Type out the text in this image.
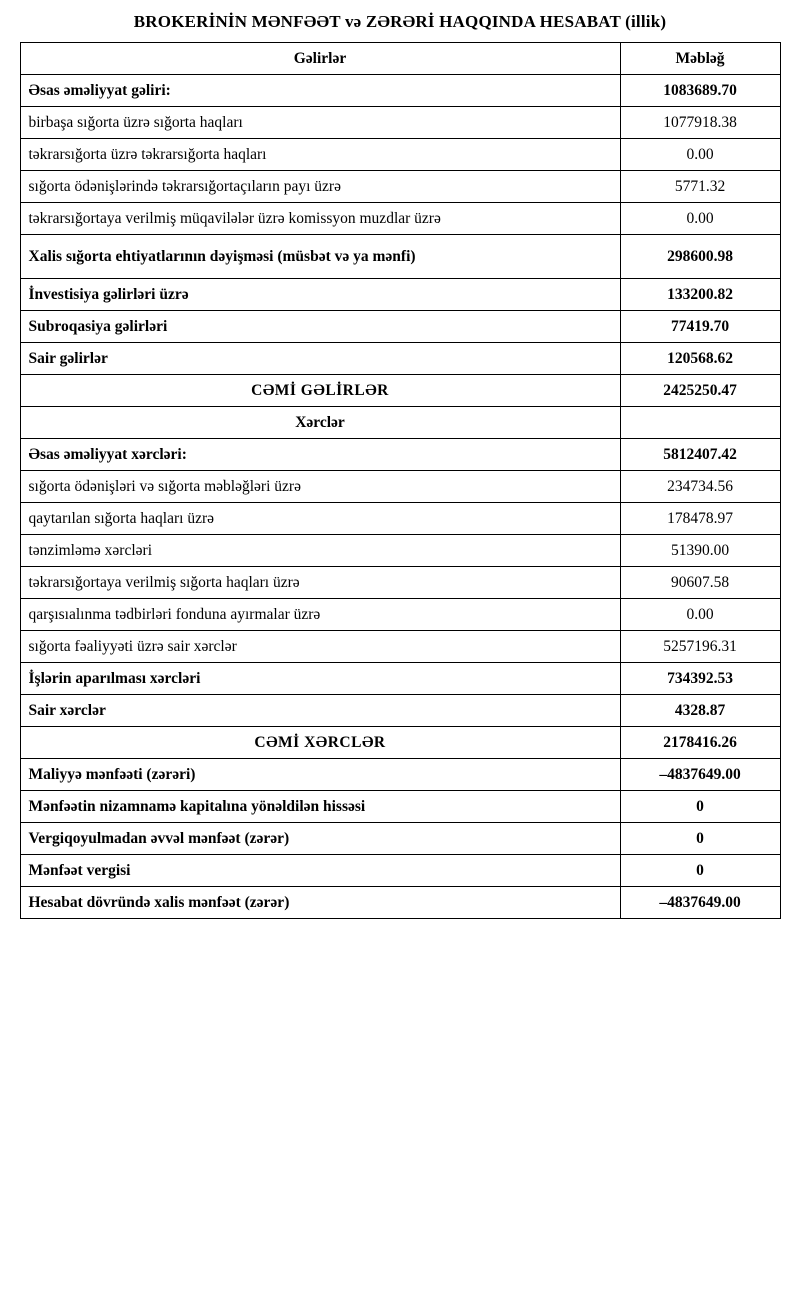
BROKERİNİN MƏNFƏƏT və ZƏRƏRİ HAQQINDA HESABAT (illik)
Gəlirlər	Məbləğ
Əsas əməliyyat gəliri:	1083689.70
birbaşa sığorta üzrə sığorta haqları	1077918.38
təkrarsığorta üzrə təkrarsığorta haqları	0.00
sığorta ödənişlərində təkrarsığortaçıların payı üzrə	5771.32
təkrarsığortaya verilmiş müqavilələr üzrə komissyon muzdlar üzrə	0.00
Xalis sığorta ehtiyatlarının dəyişməsi (müsbət və ya mənfi)	298600.98
İnvestisiya gəlirləri üzrə	133200.82
Subroqasiya gəlirləri	77419.70
Sair gəlirlər	120568.62
CƏMİ GƏLİRLƏR	2425250.47
Xərclər	
Əsas əməliyyat xərcləri:	5812407.42
sığorta ödənişləri və sığorta məbləğləri üzrə	234734.56
qaytarılan sığorta haqları üzrə	178478.97
tənzimləmə xərcləri	51390.00
təkrarsığortaya verilmiş sığorta haqları üzrə	90607.58
qarşısıalınma tədbirləri fonduna ayırmalar üzrə	0.00
sığorta fəaliyyəti üzrə sair xərclər	5257196.31
İşlərin aparılması xərcləri	734392.53
Sair xərclər	4328.87
CƏMİ XƏRCLƏR	2178416.26
Maliyyə mənfəəti (zərəri)	–4837649.00
Mənfəətin nizamnamə kapitalına yönəldilən hissəsi	0
Vergiqoyulmadan əvvəl mənfəət (zərər)	0
Mənfəət vergisi	0
Hesabat dövründə xalis mənfəət (zərər)	–4837649.00
